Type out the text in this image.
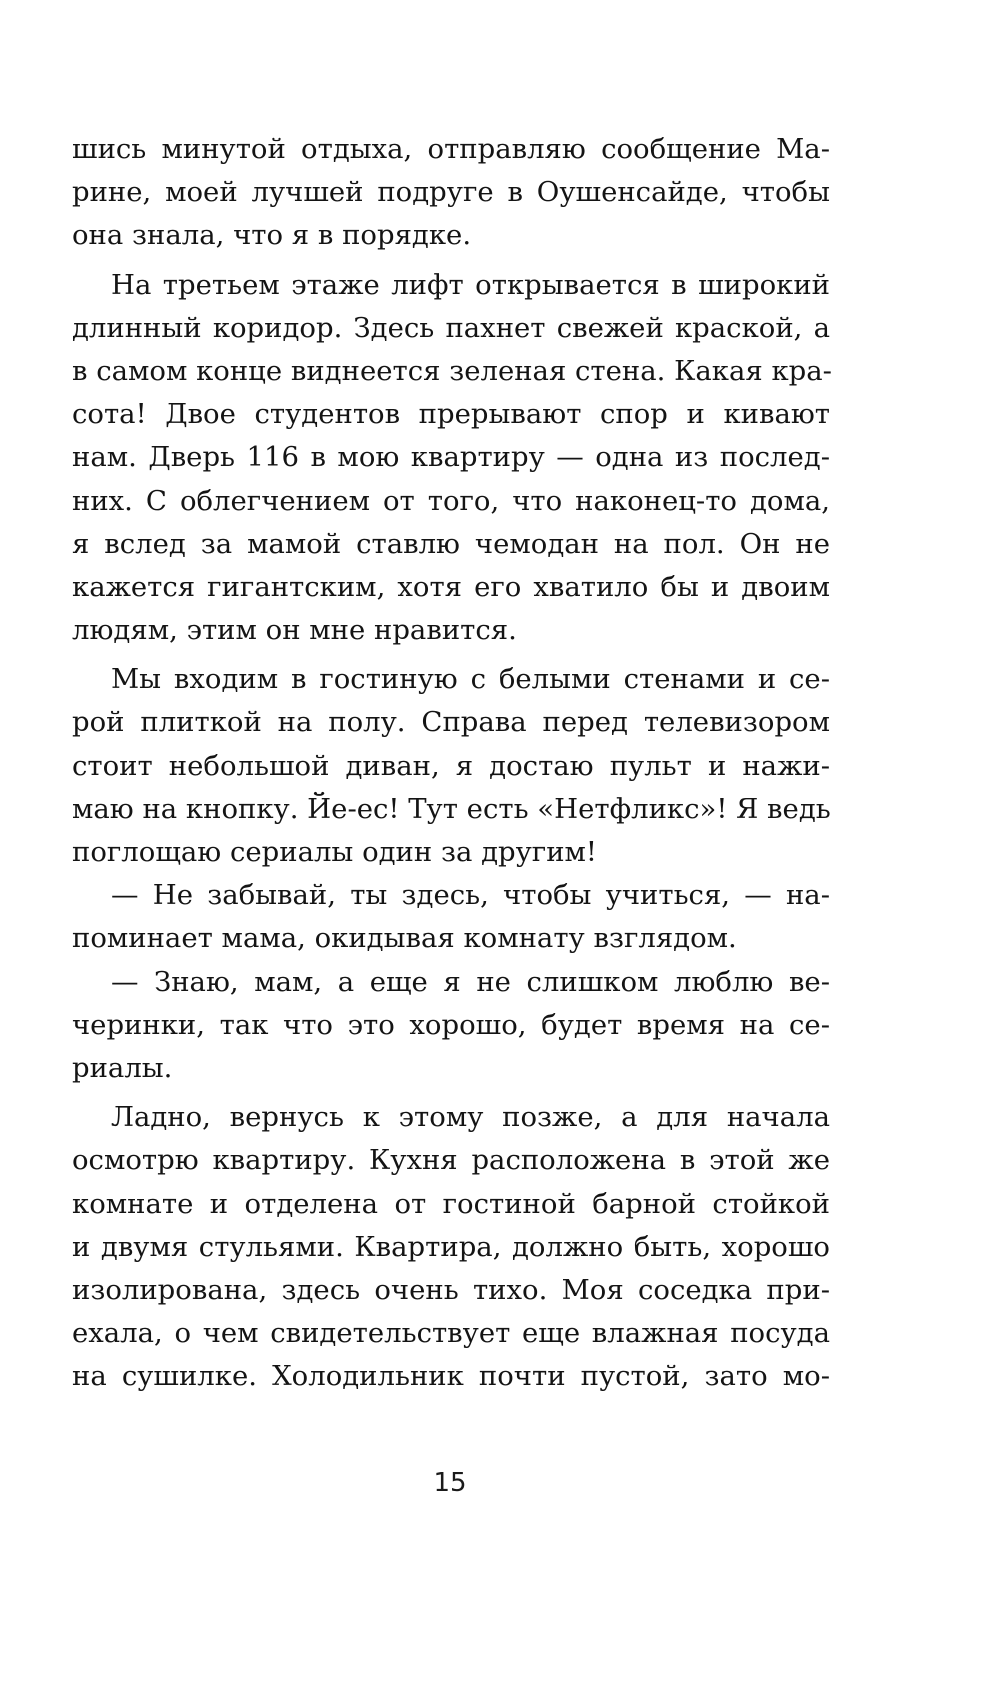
шись минутой отдыха, отправляю сообщение Ма-
рине, моей лучшей подруге в Оушенсайде, чтобы
она знала, что я в порядке.
На третьем этаже лифт открывается в широкий
длинный коридор. Здесь пахнет свежей краской, а
в самом конце виднеется зеленая стена. Какая кра-
сота! Двое студентов прерывают спор и кивают
нам. Дверь 116 в мою квартиру — одна из послед-
них. С облегчением от того, что наконец-то дома,
я вслед за мамой ставлю чемодан на пол. Он не
кажется гигантским, хотя его хватило бы и двоим
людям, этим он мне нравится.
Мы входим в гостиную с белыми стенами и се-
рой плиткой на полу. Справа перед телевизором
стоит небольшой диван, я достаю пульт и нажи-
маю на кнопку. Йе-ес! Тут есть «Нетфликс»! Я ведь
поглощаю сериалы один за другим!
— Не забывай, ты здесь, чтобы учиться, — на-
поминает мама, окидывая комнату взглядом.
— Знаю, мам, а еще я не слишком люблю ве-
черинки, так что это хорошо, будет время на се-
риалы.
Ладно, вернусь к этому позже, а для начала
осмотрю квартиру. Кухня расположена в этой же
комнате и отделена от гостиной барной стойкой
и двумя стульями. Квартира, должно быть, хорошо
изолирована, здесь очень тихо. Моя соседка при-
ехала, о чем свидетельствует еще влажная посуда
на сушилке. Холодильник почти пустой, зато мо-
15
